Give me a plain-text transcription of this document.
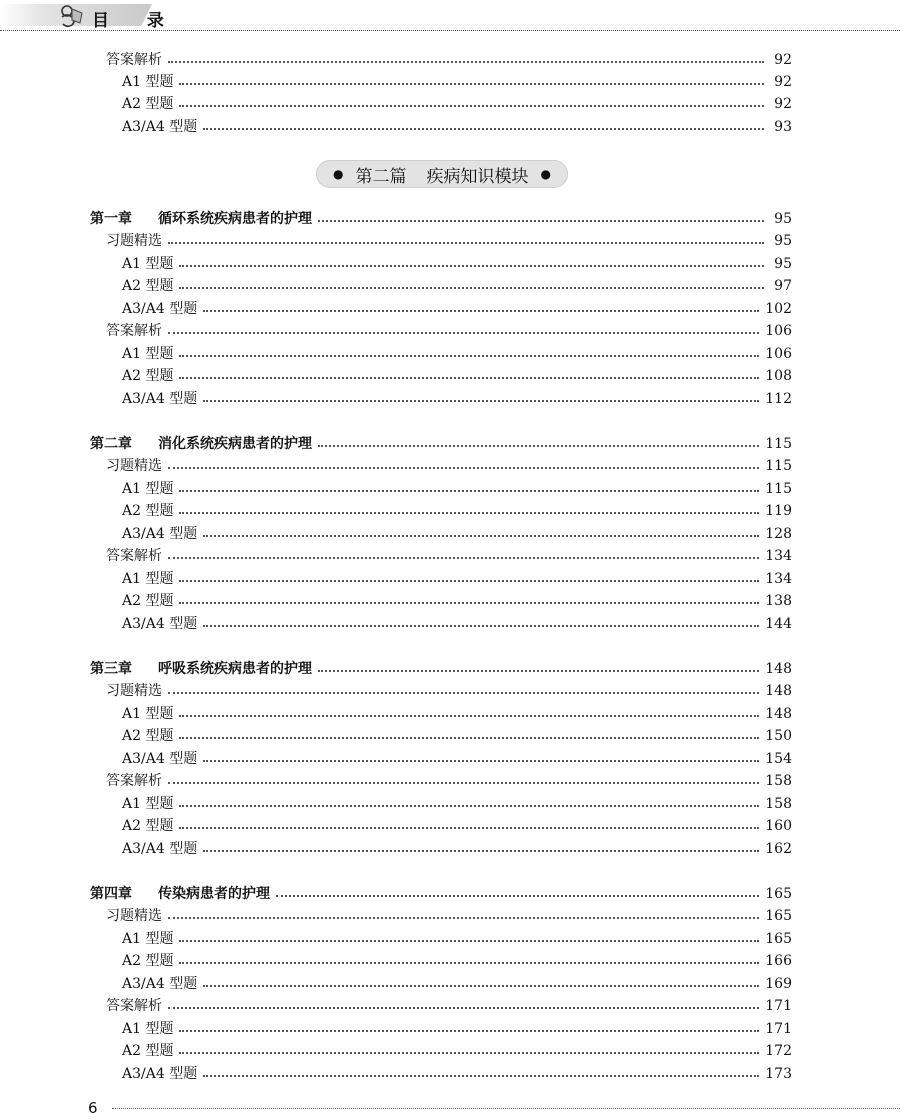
目 录
答案解析	92
A1 型题	92
A2 型题	92
A3/A4 型题	93
● 第二篇 疾病知识模块 ●
第一章 循环系统疾病患者的护理	95
习题精选	95
A1 型题	95
A2 型题	97
A3/A4 型题	102
答案解析	106
A1 型题	106
A2 型题	108
A3/A4 型题	112
第二章 消化系统疾病患者的护理	115
习题精选	115
A1 型题	115
A2 型题	119
A3/A4 型题	128
答案解析	134
A1 型题	134
A2 型题	138
A3/A4 型题	144
第三章 呼吸系统疾病患者的护理	148
习题精选	148
A1 型题	148
A2 型题	150
A3/A4 型题	154
答案解析	158
A1 型题	158
A2 型题	160
A3/A4 型题	162
第四章 传染病患者的护理	165
习题精选	165
A1 型题	165
A2 型题	166
A3/A4 型题	169
答案解析	171
A1 型题	171
A2 型题	172
A3/A4 型题	173
6
